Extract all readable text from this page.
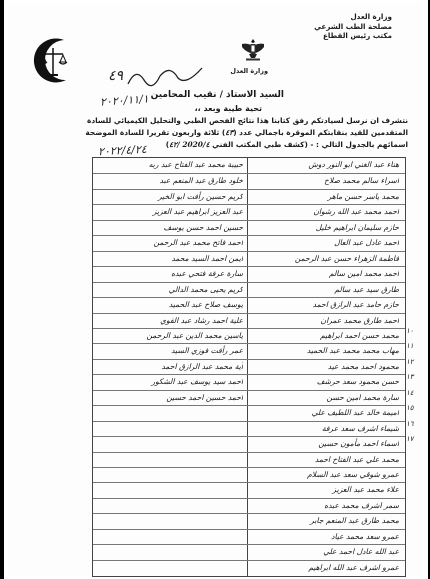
وزارة العدل
مصلحة الطب الشرعي
مكتب رئيس القطاع
وزارة العدل
٤٩
٢٠٢٠/١١/١
٢٠٢٢/٤/٢٤
السيد الاستاذ / نقيب المحامين
تحية طيبة وبعد ،،
نتشرف ان نرسل لسيادتكم رفق كتابنا هذا نتائج الفحص الطبي والتحليل الكيميائي للسادة
المتقدمين للقيد بنقابتكم الموقرة باجمالي عدد (٤٣) ثلاثة واربعون تقريرا للسادة الموضحة
اسمائهم بالجدول التالي : - (كشف طبي المكتب الفني 2020/٤ /٤٢)
هناء عبد الغني ابو النور دوش
حبيبة محمد عبد الفتاح عبد ربه
اسراء سالم محمد صلاح
خلود طارق عبد المنعم عبد
محمد ياسر حسن ماهر
كريم حسين رأفت ابو الخير
احمد محمد عبد الله رشوان
عبد العزيز ابراهيم عبد العزيز
حازم سليمان ابراهيم خليل
حسين احمد حسن يوسف
احمد عادل عبد العال
احمد فاتح محمد عبد الرحمن
فاطمة الزهراء حسن عبد الرحمن
ايمن احمد السيد محمد
احمد محمد امين سالم
سارة عرفة فتحي عبده
طارق سيد عبد سالم
كريم يحيى محمد الدالي
حازم حامد عبد الرازق احمد
يوسف صلاح عبد الحميد
احمد طارق محمد عمران
علية احمد رشاد عبد القوي
محمد حسن احمد ابراهيم
ياسين محمد الدين عبد الرحمن
مهاب محمد محمد عبد الحميد
عمر رأفت فوزي السيد
محمود احمد محمد عيد
آية محمد عبد الرازق احمد
حسن محمود سعد حرشف
احمد سيد يوسف عبد الشكور
سارة محمد امين حسن
احمد حسين احمد حسين
اميمة خالد عبد اللطيف علي
شيماء اشرف سعد عرفة
اسماء احمد مأمون حسين
محمد علي عبد الفتاح احمد
عمرو شوقي سعد عبد السلام
علاء محمد عبد العزيز
سمر اشرف محمد عبده
محمد طارق عبد المنعم جابر
عمرو سعد محمد عياد
عبد الله عادل احمد علي
عمرو اشرف عبد الله ابراهيم
١٠
١١
١٢
١٣
١٤
١٥
١٦
١٧
